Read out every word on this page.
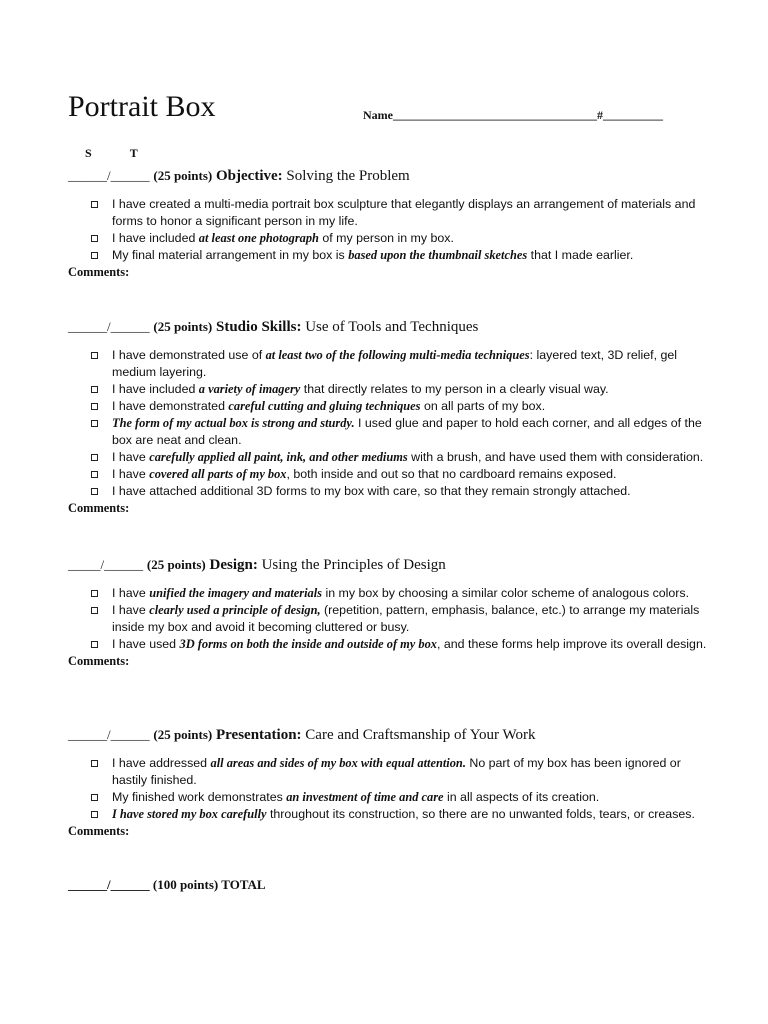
Portrait Box	Name__________________________________#__________
S	T
______/______ (25 points) Objective: Solving the Problem
I have created a multi-media portrait box sculpture that elegantly displays an arrangement of materials and forms to honor a significant person in my life.
I have included at least one photograph of my person in my box.
My final material arrangement in my box is based upon the thumbnail sketches that I made earlier.
Comments:
______/______ (25 points) Studio Skills: Use of Tools and Techniques
I have demonstrated use of at least two of the following multi-media techniques: layered text, 3D relief, gel medium layering.
I have included a variety of imagery that directly relates to my person in a clearly visual way.
I have demonstrated careful cutting and gluing techniques on all parts of my box.
The form of my actual box is strong and sturdy. I used glue and paper to hold each corner, and all edges of the box are neat and clean.
I have carefully applied all paint, ink, and other mediums with a brush, and have used them with consideration.
I have covered all parts of my box, both inside and out so that no cardboard remains exposed.
I have attached additional 3D forms to my box with care, so that they remain strongly attached.
Comments:
_____/______ (25 points) Design: Using the Principles of Design
I have unified the imagery and materials in my box by choosing a similar color scheme of analogous colors.
I have clearly used a principle of design, (repetition, pattern, emphasis, balance, etc.) to arrange my materials inside my box and avoid it becoming cluttered or busy.
I have used 3D forms on both the inside and outside of my box, and these forms help improve its overall design.
Comments:
______/______ (25 points) Presentation: Care and Craftsmanship of Your Work
I have addressed all areas and sides of my box with equal attention. No part of my box has been ignored or hastily finished.
My finished work demonstrates an investment of time and care in all aspects of its creation.
I have stored my box carefully throughout its construction, so there are no unwanted folds, tears, or creases.
Comments:
______/______ (100 points) TOTAL
